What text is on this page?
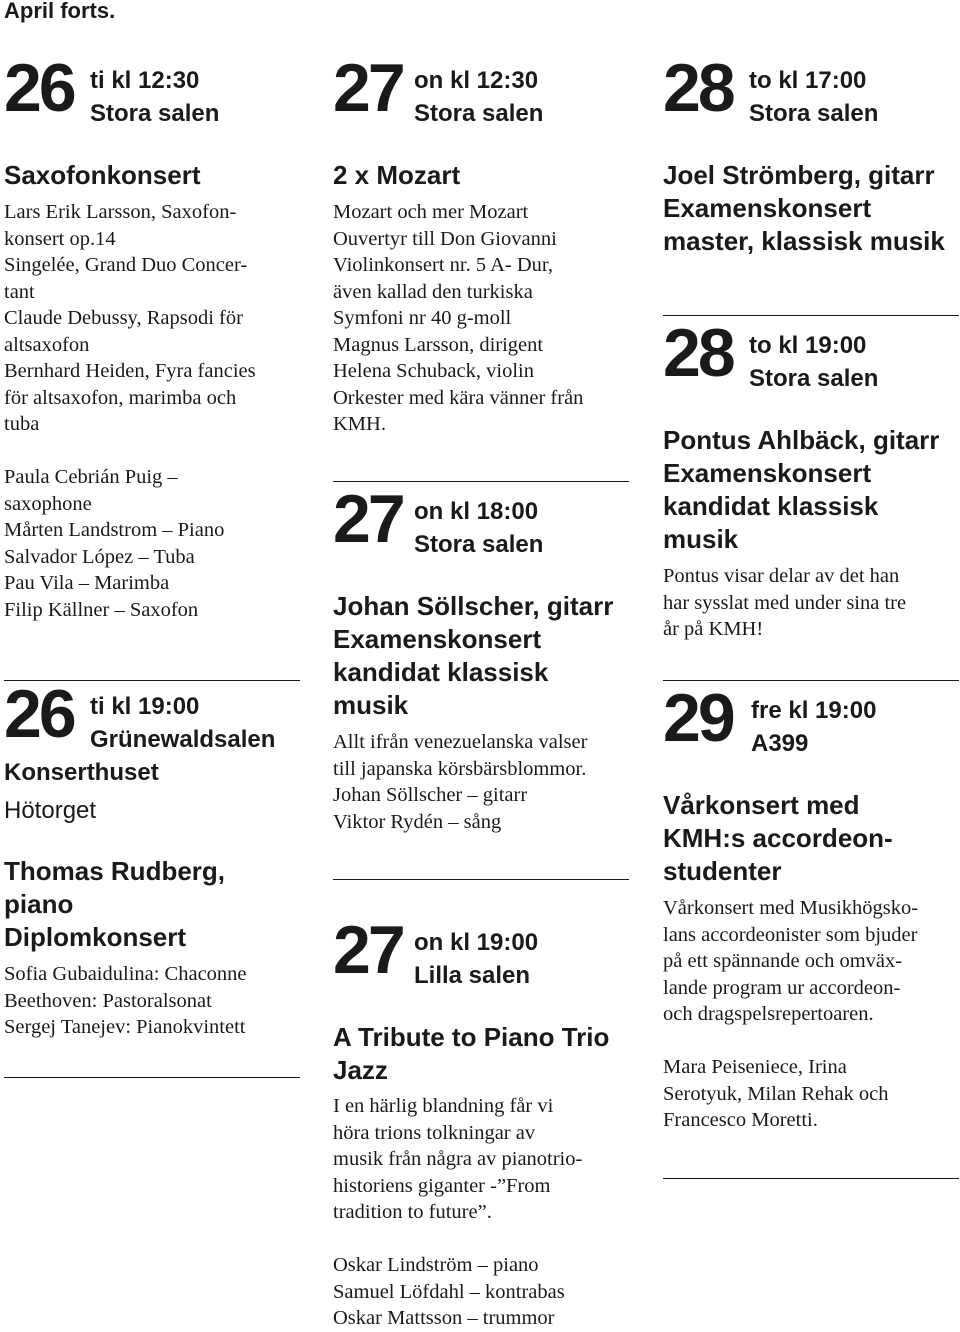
April forts.
26 ti kl 12:30
Stora salen
Saxofonkonsert
Lars Erik Larsson, Saxofon-
konsert op.14
Singelée, Grand Duo Concer-
tant
Claude Debussy, Rapsodi för
altsaxofon
Bernhard Heiden, Fyra fancies
för altsaxofon, marimba och
tuba
Paula Cebrián Puig –
saxophone
Mårten Landstrom – Piano
Salvador López – Tuba
Pau Vila – Marimba
Filip Källner – Saxofon
26 ti kl 19:00
Grünewaldsalen
Konserthuset
Hötorget
Thomas Rudberg,
piano
Diplomkonsert
Sofia Gubaidulina: Chaconne
Beethoven: Pastoralsonat
Sergej Tanejev: Pianokvintett
27 on kl 12:30
Stora salen
2 x Mozart
Mozart och mer Mozart
Ouvertyr till Don Giovanni
Violinkonsert nr. 5 A- Dur,
även kallad den turkiska
Symfoni nr 40 g-moll
Magnus Larsson, dirigent
Helena Schuback, violin
Orkester med kära vänner från
KMH.
27 on kl 18:00
Stora salen
Johan Söllscher, gitarr
Examenskonsert
kandidat klassisk
musik
Allt ifrån venezuelanska valser
till japanska körsbärsblommor.
Johan Söllscher – gitarr
Viktor Rydén – sång
27 on kl 19:00
Lilla salen
A Tribute to Piano Trio
Jazz
I en härlig blandning får vi
höra trions tolkningar av
musik från några av pianotrio-
historiens giganter -”From
tradition to future”.
Oskar Lindström – piano
Samuel Löfdahl – kontrabas
Oskar Mattsson – trummor
28 to kl 17:00
Stora salen
Joel Strömberg, gitarr
Examenskonsert
master, klassisk musik
28 to kl 19:00
Stora salen
Pontus Ahlbäck, gitarr
Examenskonsert
kandidat klassisk
musik
Pontus visar delar av det han
har sysslat med under sina tre
år på KMH!
29 fre kl 19:00
A399
Vårkonsert med
KMH:s accordeon-
studenter
Vårkonsert med Musikhögsko-
lans accordeonister som bjuder
på ett spännande och omväx-
lande program ur accordeon-
och dragspelsrepertoaren.
Mara Peiseniece, Irina
Serotyuk, Milan Rehak och
Francesco Moretti.
